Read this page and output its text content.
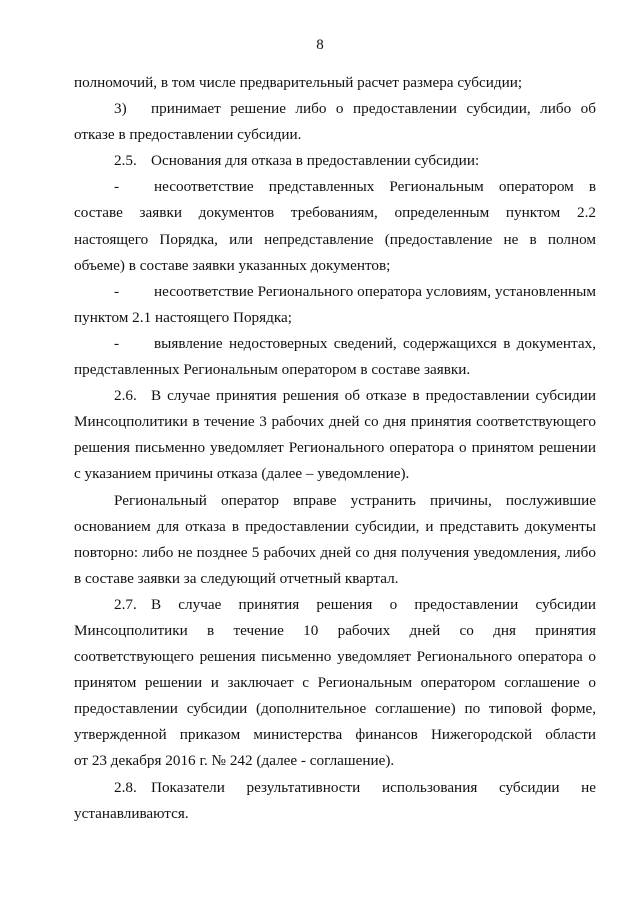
8
полномочий, в том числе предварительный расчет размера субсидии;
3) принимает решение либо о предоставлении субсидии, либо об
отказе в предоставлении субсидии.
2.5. Основания для отказа в предоставлении субсидии:
- несоответствие представленных Региональным оператором в
составе заявки документов требованиям, определенным пунктом 2.2
настоящего Порядка, или непредставление (предоставление не в полном
объеме) в составе заявки указанных документов;
- несоответствие Регионального оператора условиям, установленным
пунктом 2.1 настоящего Порядка;
- выявление недостоверных сведений, содержащихся в документах,
представленных Региональным оператором в составе заявки.
2.6. В случае принятия решения об отказе в предоставлении субсидии
Минсоцполитики в течение 3 рабочих дней со дня принятия соответствующего
решения письменно уведомляет Регионального оператора о принятом решении
с указанием причины отказа (далее – уведомление).
Региональный оператор вправе устранить причины, послужившие
основанием для отказа в предоставлении субсидии, и представить документы
повторно: либо не позднее 5 рабочих дней со дня получения уведомления, либо
в составе заявки за следующий отчетный квартал.
2.7. В случае принятия решения о предоставлении субсидии
Минсоцполитики в течение 10 рабочих дней со дня принятия
соответствующего решения письменно уведомляет Регионального оператора о
принятом решении и заключает с Региональным оператором соглашение о
предоставлении субсидии (дополнительное соглашение) по типовой форме,
утвержденной приказом министерства финансов Нижегородской области
от 23 декабря 2016 г. № 242 (далее - соглашение).
2.8. Показатели результативности использования субсидии не
устанавливаются.
